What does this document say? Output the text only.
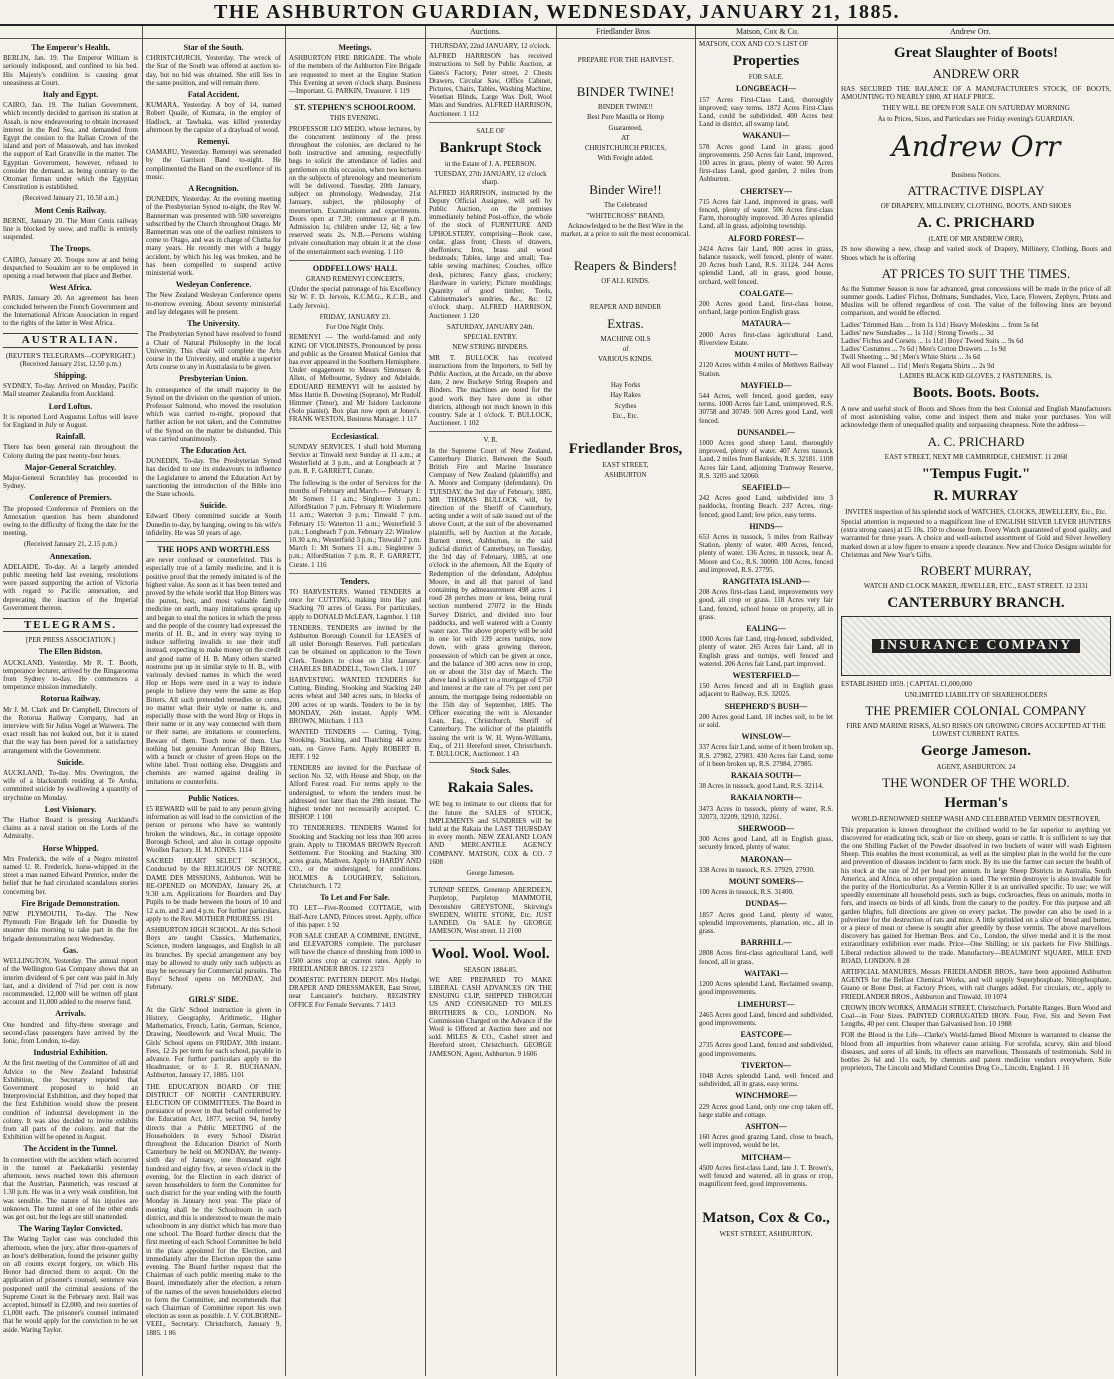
THE ASHBURTON GUARDIAN, WEDNESDAY, JANUARY 21, 1885.
Auctions.	Friedlander Bros	Matson, Cox & Co.	Andrew Orr.
The Emperor's Health.

BERLIN, Jan. 19. The Emperor William is seriously indisposed, and confined to his bed. His Majesty's condition is causing great uneasiness at Court.

Italy and Egypt.

CAIRO, Jan. 19. The Italian Government, which recently decided to garrison its station at Assab, is now endeavouring to obtain increased interest in the Red Sea, and demanded from Egypt the cession to the Italian Crown of the island and port of Massowah, and has invoked the support of Earl Granville in the matter. The Egyptian Government, however, refused to consider the demand, as being contrary to the Ottoman firman under which the Egyptian Constitution is established.

(Received January 21, 10.50 a.m.)
Mont Cenis Railway.

BERNE, January 20. The Mont Cenis railway line is blocked by snow, and traffic is entirely suspended.

The Troops.

CAIRO, January 20. Troops now at and being despatched to Souakim are to be employed in opening a road between that place and Berber.

West Africa.

PARIS, January 20. An agreement has been concluded between the French Government and the International African Association in regard to the rights of the latter in West Africa.

AUSTRALIAN.
(REUTER'S TELEGRAMS—COPYRIGHT.) (Received January 21st, 12.50 p.m.)
Shipping.

SYDNEY, To-day. Arrived on Monday, Pacific Mail steamer Zealandia from Auckland.

Lord Loftus.

It is reported Lord Augustus Loftus will leave for England in July or August.

Rainfall.

There has been general rain throughout the Colony during the past twenty-four hours.

Major-General Scratchley.

Major-General Scratchley has proceeded to Sydney.

Conference of Premiers.

The proposed Conference of Premiers on the Annexation question has been abandoned owing to the difficulty of fixing the date for the meeting.

(Received January 21, 2.15 p.m.)
Annexation.

ADELAIDE, To-day. At a largely attended public meeting held last evening, resolutions were passed supporting the action of Victoria with regard to Pacific annexation, and deprecating the inaction of the Imperial Government thereon.

TELEGRAMS.
[PER PRESS ASSOCIATION.]
The Ellen Bidston.

AUCKLAND, Yesterday. Mr R. T. Booth, temperance lecturer, arrived by the Ringarooma from Sydney to-day. He commences a temperance mission immediately.

Rotorua Railway.

Mr J. M. Clark and Dr Campbell, Directors of the Rotorua Railway Company, had an interview with Sir Julius Vogel at Waiwera. The exact result has not leaked out, but it is stated that the way has been paved for a satisfactory arrangement with the Government.

Suicide.

AUCKLAND, To-day. Mrs Overington, the wife of a blacksmith residing at Te Aroha, committed suicide by swallowing a quantity of strychnine on Monday.

Lost Visionary.

The Harbor Board is pressing Auckland's claims as a naval station on the Lords of the Admiralty.

Horse Whipped.

Mrs Frederick, the wife of a Negro minstrel named U. R. Frederick, horse-whipped in the street a man named Edward Prentice, under the belief that he had circulated scandalous stories concerning her.

Fire Brigade Demonstration.

NEW PLYMOUTH, To-day. The New Plymouth Fire Brigade left for Dunedin by steamer this morning to take part in the fire brigade demonstration next Wednesday.

Gas.

WELLINGTON, Yesterday. The annual report of the Wellington Gas Company shows that an interim dividend of 6 per cent was paid in July last, and a dividend of 7½d per cent is now recommended. 12,000 will be written off plant account and 11,000 added to the reserve fund.

Arrivals.

One hundred and fifty-three steerage and second-class passengers have arrived by the Ionic, from London, to-day.

Industrial Exhibition.

At the first meeting of the Committee of all and Advice to the New Zealand Industrial Exhibition, the Secretary reported that Government proposed to hold an Interprovincial Exhibition, and they hoped that the first Exhibition would show the present condition of industrial development in the colony. It was also decided to invite exhibits from all parts of the colony, and that the Exhibition will be opened in August.

The Accident in the Tunnel.

In connection with the accident which occurred in the tunnel at Paekakariki yesterday afternoon, news reached town this afternoon that the Austrian, Panmetich, was rescued at 1.30 p.m. He was in a very weak condition, but was sensible. The nature of his injuries are unknown. The tunnel at one of the other ends was got out, but the legs are still unattended.

The Waring Taylor Convicted.

The Waring Taylor case was concluded this afternoon, when the jury, after three-quarters of an hour's deliberation, found the prisoner guilty on all counts except forgery, on which His Honor had directed them to acquit. On the application of prisoner's counsel, sentence was postponed until the criminal sessions of the Supreme Court in the February next. Bail was accepted, himself in £2,000, and two sureties of £1,000 each. The prisoner's counsel intimated that he would apply for the conviction to be set aside. Waring Taylor.

Star of the South.

CHRISTCHURCH, Yesterday. The wreck of the Star of the South was offered at auction to-day, but no bid was obtained. She still lies in the same position, and will remain there.

Fatal Accident.

KUMARA, Yesterday. A boy of 14, named Robert Quaile, of Kumara, in the employ of Hadlock, at Tawhaka, was killed yesterday afternoon by the capsize of a drayload of wood.

Remenyi.

OAMARU, Yesterday. Remenyi was serenaded by the Garrison Band to-night. He complimented the Band on the excellence of its music.

A Recognition.

DUNEDIN, Yesterday. At the evening meeting of the Presbyterian Synod to-night, the Rev W. Bannerman was presented with 500 sovereigns subscribed by the Church throughout Otago. Mr Bannerman was one of the earliest ministers to come to Otago, and was in charge of Clutha for many years. He recently met with a buggy accident, by which his leg was broken, and he has been compelled to suspend active ministerial work.

Wesleyan Conference.

The New Zealand Wesleyan Conference opens to-morrow evening. About seventy ministerial and lay delegates will be present.

The University.

The Presbyterian Synod have resolved to found a Chair of Natural Philosophy in the local University. This chair will complete the Arts course in the University, and enable a superior Arts course to any in Australasia to be given.

Presbyterian Union.

In consequence of the small majority in the Synod on the division on the question of union, Professor Salmond, who moved the resolution which was carried to-night, proposed that further action be not taken, and the Committee of the Synod on the matter be disbanded. This was carried unanimously.

The Education Act.

DUNEDIN, To-day. The Presbyterian Synod has decided to use its endeavours to influence the Legislature to amend the Education Act by sanctioning the introduction of the Bible into the State schools.

Suicide.

Edward Obery committed suicide at South Dunedin to-day, by hanging, owing to his wife's infidelity. He was 50 years of age.

THE HOPS AND WORTHLESS

are never confused or counterfeited. This is especially true of a family medicine, and it is positive proof that the remedy imitated is of the highest value. As soon as it has been tested and proved by the whole world that Hop Bitters was the purest, best, and most valuable family medicine on earth, many imitations sprang up and began to steal the notices in which the press and the people of the country had expressed the merits of H. B., and in every way trying to induce suffering invalids to use their stuff instead, expecting to make money on the credit and good name of H. B. Many others started nostrums put up in similar style to H. B., with variously devised names in which the word Hop or Hops were used in a way to induce people to believe they were the same as Hop Bitters. All such pretended remedies or cures, no matter what their style or name is, and especially those with the word Hop or Hops in their name or in any way connected with them or their name, are imitations or counterfeits. Beware of them. Touch none of them. Use nothing but genuine American Hop Bitters, with a bunch or cluster of green Hops on the white label. Trust nothing else. Druggists and chemists are warned against dealing in imitations or counterfeits.

Public Notices.

£5 REWARD will be paid to any person giving information as will lead to the conviction of the person or persons who have so wantonly broken the windows, &c., in cottage opposite Borough School, and also in cottage opposite Woollen Factory. H. M. JONES. 1114

SACRED HEART SELECT SCHOOL, Conducted by the RELIGIOUS OF NOTRE DAME DES MISSIONS, Ashburton. Will be RE-OPENED on MONDAY, January 26, at 9.30 a.m. Applications for Boarders and Day Pupils to be made between the hours of 10 and 12 a.m. and 2 and 4 p.m. For further particulars, apply to the Rev. MOTHER PRIORESS. 191

ASHBURTON HIGH SCHOOL. At this School Boys are taught Classics, Mathematics, Science, modern languages, and English in all its branches. By special arrangement any boy may be allowed to study only such subjects as may be necessary for Commercial pursuits. The Boys' School opens on MONDAY, 2nd February.

GIRLS' SIDE.

At the Girls' School instruction is given in History, Geography, Arithmetic, Higher Mathematics, French, Latin, German, Science, Drawing, Needlework and Vocal Music. The Girls' School opens on FRIDAY, 30th instant. Fees, 12 2s per term for each school, payable in advance. For further particulars apply to the Headmaster, or to J. R. BUCHANAN, Ashburton, January 17, 1885. 1101

THE EDUCATION BOARD OF THE DISTRICT OF NORTH CANTERBURY. ELECTION OF COMMITTEES. The Board in pursuance of power in that behalf conferred by the Education Act, 1877, section 94, hereby directs that a Public MEETING of the Householders in every School District throughout the Education District of North Canterbury be held on MONDAY, the twenty-sixth day of January, one thousand eight hundred and eighty five, at seven o'clock in the evening, for the Election in each district of seven householders to form the Committee for such district for the year ending with the fourth Monday in January next year. The place of meeting shall be the Schoolroom in each district, and this is understood to mean the main schoolroom in any district which has more than one school. The Board further directs that the first meeting of each School Committee be held in the place appointed for the Election, and immediately after the Election upon the same evening. The Board further request that the Chairman of each public meeting make to the Board, immediately after the election, a return of the names of the seven householders elected to form the Committee, and recommends that each Chairman of Committee report his own election as soon as possible. J. V. COLBORNE-VEEL, Secretary. Christchurch, January 9, 1885. 1 86

Meetings.

ASHBURTON FIRE BRIGADE. The whole of the members of the Ashburton Fire Brigade are requested to meet at the Engine Station This Evening at seven o'clock sharp. Business—Important. G. PARKIN, Treasurer. 1 119

ST. STEPHEN'S SCHOOLROOM.
THIS EVENING.

PROFESSOR LIO MEDO, whose lectures, by the concurrent testimony of the press throughout the colonies, are declared to be both instructive and amusing, respectfully begs to solicit the attendance of ladies and gentlemen on this occasion, when two lectures on the subjects of phrenology and mesmerism will be delivered. Tuesday, 20th January, subject on phrenology. Wednesday, 21st January, subject, the philosophy of mesmerism. Examinations and experiments. Doors open at 7.30; commence at 8 p.m. Admission 1s; children under 12, 6d; a few reserved seats 2s. N.B.—Persons wishing private consultation may obtain it at the close of the entertainment each evening. 1 110

ODDFELLOWS' HALL
GRAND REMENYI CONCERTS,

(Under the special patronage of his Excellency Sir W. F. D. Jervois, K.C.M.G., K.C.B., and Lady Jervois).

FRIDAY, JANUARY 23.
For One Night Only.

REMENYI — The world-famed and only KING OF VIOLINISTS, Pronounced by press and public as the Greatest Musical Genius that has ever appeared in the Southern Hemisphere. Under engagement to Messrs Simonsen & Allen, of Melbourne, Sydney and Adelaide. EDOUARD REMENYI will be assisted by Miss Hattie B. Downing (Soprano), Mr Rudolf Himmer (Tenor), and Mr Isidore Luckstone (Solo pianist). Box plan now open at Jones's. FRANK WESTON, Business Manager. 1 117

Ecclesiastical.

SUNDAY SERVICES. I shall hold Morning Service at Tinwald next Sunday at 11 a.m.; at Westerfield at 3 p.m., and at Longbeach at 7 p.m. R. F. GARRETT, Curate.

The following is the order of Services for the months of February and March:— February 1: Mt Somers 11 a.m.; Singletree 3 p.m.; AlfordStation 7 p.m. February 8: Windermere 11 a.m.; Waterton 3 p.m.; Tinwald 7 p.m. February 15: Waterton 11 a.m.; Westerfield 3 p.m.; Longbeach 7 p.m. February 22: Winslow 10.30 a.m.; Westerfield 3 p.m.; Tinwald 7 p.m. March 1: Mt Somers 11 a.m.; Singletree 3 p.m.; AlfordStation 7 p.m. R. F. GARRETT, Curate. 1 116

Tenders.

TO HARVESTERS. Wanted TENDERS at once for CUTTING, making into Hay and Stacking 70 acres of Grass. For particulars, apply to DONALD McLEAN, Lagmhor. 1 118

TENDERS. TENDERS are invited by the Ashburton Borough Council for LEASES of all unlet Borough Reserves. Full particulars can be obtained on application to the Town Clerk. Tenders to close on 31st January. CHARLES BRADDELL, Town Clerk. 1 107

HARVESTING. WANTED TENDERS for Cutting, Binding, Stooking and Stacking 240 acres wheat and 340 acres oats, in blocks of 200 acres or up wards. Tenders to be in by MONDAY, 26th instant. Apply WM. BROWN, Mitcham. 1 113

WANTED TENDERS — Cutting, Tying, Stooking, Stacking, and Thatching 44 acres oats, on Grove Farm. Apply ROBERT B. JEFF. 1 92

TENDERS are invited for the Purchase of section No. 32, with House and Shop, on the Alford Forest road. For terms apply to the undersigned, to whom the tenders must be addressed not later than the 29th instant. The highest tender not necessarily accepted. C. BISHOP. 1 100

TO TENDERERS. TENDERS Wanted for Stooking and Stacking not less than 300 acres grain. Apply to THOMAS BROWN Ryecroft Settlement. For Stooking and Stacking 300 acres grain, Mathven. Apply to HARDY AND CO., or the undersigned, for conditions. HOLMES & LOUGHREY, Solicitors, Christchurch. 1 72

To Let and For Sale.

TO LET—Five-Roomed COTTAGE, with Half-Acre LAND, Princes street. Apply, office of this paper. 1 92

FOR SALE CHEAP. A COMBINE, ENGINE, and ELEVATORS complete. The purchaser will have the chance of threshing from 1000 to 1500 acres crop at current rates. Apply to FRIEDLANDER BROS. 12 2373

DOMESTIC PATTERN DEPOT. Mrs Hodge, DRAPER AND DRESSMAKER, East Street, near Lancaster's butchery. REGISTRY OFFICE For Female Servants. 7 1413

THURSDAY, 22nd JANUARY, 12 o'clock.

ALFRED HARRISON has received instructions to Sell by Public Auction, at Gates's Factory, Peter street, 2 Chests Drawers, Circular Saw, Office Cabinet, Pictures, Chairs, Tables, Washing Machine, Venetian Blinds, Large Wax Doll, Wool Mats and Sundries. ALFRED HARRISON, Auctioneer. 1 112

SALE OF
Bankrupt Stock
in the Estate of J. A. PEERSON.
TUESDAY, 27th JANUARY, 12 o'clock sharp.

ALFRED HARRISON, instructed by the Deputy Official Assignee, will sell by Public Auction, on the premises immediately behind Post-office, the whole of the stock of FURNITURE AND UPHOLSTERY, comprising—Book case, cedar, glass front; Chests of drawers, sheffoniers; Iron, brass and wood bedsteads; Tables, large and small; Tea-table sewing machines; Couches, office desk, pictures; Fancy glass, crockery; Hardware in variety; Picture mouldings; Quantity of good timber; Tools, Cabinetmaker's sundries, &c., &c. 12 o'clock sharp. ALFRED HARRISON, Auctioneer. 1 120

SATURDAY, JANUARY 24th.
SPECIAL ENTRY.
NEW STRING BINDERS.

MR T. BULLOCK has received instructions from the Importers, to Sell by Public Auction, at the Arcade, on the above date, 2 new Buckeye String Reapers and Binders. The machines are noted for the good work they have done in other districts, although not much known in this country. Sale at 1 o'clock. T. BULLOCK, Auctioneer. 1 102

V. R.

In the Supreme Court of New Zealand, Canterbury District. Between the South British Fire and Marine Insurance Company of New Zealand (plaintiffs) and A. Moore and Company (defendants). On TUESDAY, the 3rd day of February, 1885, MR THOMAS BULLOCK will, by direction of the Sheriff of Canterbury, acting under a writ of sale issued out of the above Court, at the suit of the abovenamed plaintiffs, sell by Auction at the Arcade, Burnett street, Ashburton, in the said judicial district of Canterbury, on Tuesday, the 3rd day of February, 1885, at one o'clock in the afternoon, All the Equity of Redemption of the defendant, Adolphus Moore, in and all that parcel of land containing by admeasurement 498 acres 1 rood 28 perches more or less, being rural section numbered 27072 in the Hinds Survey District, and divided into four paddocks, and well watered with a County water race. The above property will be sold in one lot with 139 acres turnips, now down, with grass growing thereon, possession of which can be given at once, and the balance of 300 acres now in crop, on or about the 31st day of March. The above land is subject to a mortgage of £750 and interest at the rate of 7½ per cent per annum, the mortgage being redeemable on the 15th day of September, 1885. The Officer executing the writ is Alexander Lean, Esq., Christchurch, Sheriff of Canterbury. The solicitor of the plaintiffs issuing the writ is W. H. Wynn-Williams, Esq., of 211 Hereford street, Christchurch. T. BULLOCK, Auctioneer. 1 43

Stock Sales.
Rakaia Sales.

WE beg to intimate to our clients that for the future the SALES of STOCK, IMPLEMENTS and SUNDRIES will be held at the Rakaia the LAST THURSDAY in every month. NEW ZEALAND LOAN AND MERCANTILE AGENCY COMPANY. MATSON, COX & CO. 7 1608

George Jameson.

TURNIP SEEDS. Greentop ABERDEEN, Purpletop, Purpletop MAMMOTH, Devonshire GREYSTONE, Skirving's SWEDEN, WHITE STONE, Etc. JUST LANDED. On SALE by GEORGE JAMESON, West street. 11 2100

Wool. Wool. Wool.
SEASON 1884-85.

WE ARE PREPARED TO MAKE LIBERAL CASH ADVANCES ON THE ENSUING CLIP, SHIPPED THROUGH US AND CONSIGNED TO MILES BROTHERS & CO., LONDON. No Commission Charged on the Advance if the Wool is Offered at Auction here and not sold. MILES & CO., Cashel street and Hereford street, Christchurch. GEORGE JAMESON, Agent, Ashburton. 9 1606

PREPARE FOR THE HARVEST.
BINDER TWINE!
BINDER TWINE!!
Best Pure Manilla or Hemp
Guaranteed,
AT
CHRISTCHURCH PRICES,
With Freight added.
Binder Wire!!
The Celebrated
"WHITECROSS" BRAND,
Acknowledged to be the Best Wire in the market, at a price to suit the most economical.
Reapers & Binders!
OF ALL KINDS.
REAPER AND BINDER
Extras.
MACHINE OILS
of
VARIOUS KINDS.
Hay Forks
Hay Rakes
Scythes
Etc., Etc.
Friedlander Bros,
EAST STREET,
ASHBURTON

MATSON, COX AND CO.'S LIST OF

Properties
FOR SALE.
LONGBEACH—

157 Acres First-Class Land, thoroughly improved; easy terms. 1872 Acres First-Class Land, could be subdivided. 400 Acres best Land in district, all swamp land.

WAKANUI—

578 Acres good Land in grass; good improvements. 250 Acres fair Land, improved, 100 acres in grass, plenty of water. 90 Acres first-class Land, good garden, 2 miles from Ashburton.

CHERTSEY—

715 Acres fair Land, improved in grass, well fenced, plenty of water. 506 Acres first-class Farm, thoroughly improved. 30 Acres splendid Land, all in grass, adjoining township.

ALFORD FOREST—

2424 Acres fair Land, 800 acres in grass, balance tussock, well fenced, plenty of water. 20 Acres bush Land, R.S. 31124. 244 Acres splendid Land, all in grass, good house, orchard, well fenced.

COALGATE—

200 Acres good Land, first-class house, orchard, large portion English grass.

MATAURA—

2000 Acres first-class agricultural Land, Riverview Estate.

MOUNT HUTT—

2120 Acres within 4 miles of Methven Railway Station.

MAYFIELD—

544 Acres, well fenced, good garden, easy terms. 1000 Acres fair Land, unimproved, R.S. 30758 and 30749. 500 Acres good Land, well fenced.

DUNSANDEL—

1000 Acres good sheep Land, thoroughly improved, plenty of water. 407 Acres tussock Land, 2 miles from Bankside, R.S. 32181. 1108 Acres fair Land, adjoining Tramway Reserve, R.S. 3205 and 32060.

SEAFIELD—

242 Acres good Land, subdivided into 3 paddocks, fronting Beach. 237 Acres, ring-fenced, good Land; low price, easy terms.

HINDS—

653 Acres in tussock, 5 miles from Railway Station, plenty of water. 400 Acres, fenced, plenty of water. 136 Acres, in tussock, near A. Moore and Co., R.S. 30000. 100 Acres, fenced and improved, R.S. 27795.

RANGITATA ISLAND—

208 Acres first-class Land, improvements very good, all crop or grass. 118 Acres very fair Land, fenced, school house on property, all in grass.

EALING—

1000 Acres fair Land, ring-fenced, subdivided, plenty of water. 265 Acres fair Land, all in English grass and turnips, well fenced and watered. 206 Acres fair Land, part improved.

WESTERFIELD—

150 Acres fenced and all in English grass adjacent to Railway, R.S. 32025.

SHEPHERD'S BUSH—

200 Acres good Land, 18 inches soil, to be let or sold.

WINSLOW—

337 Acres fair Land, some of it been broken up, R.S. 27982, 27983. 430 Acres fair Land, some of it been broken up, R.S. 27984, 27985.

RAKAIA SOUTH—

38 Acres in tussock, good Land, R.S. 32114.

RAKAIA NORTH—

3473 Acres in tussock, plenty of water, R.S. 32073, 32209, 32910, 32261.

SHERWOOD—

300 Acres good Land, all in English grass, securely fenced, plenty of water.

MARONAN—

338 Acres in tussock, R.S. 27929, 27930.

MOUNT SOMERS—

100 Acres in tussock, R.S. 31400.

DUNDAS—

1857 Acres good Land, plenty of water, splendid improvements, plantation, etc., all in grass.

BARRHILL—

2808 Acres first-class agricultural Land, well fenced, all in grass.

WAITAKI—

1200 Acres splendid Land, Reclaimed swamp, good improvements.

LIMEHURST—

2465 Acres good Land, fenced and subdivided, good improvements.

EASTCOPE—

2735 Acres good Land, fenced and subdivided, good improvements.

TIVERTON—

1048 Acres splendid Land, well fenced and subdivided, all in grass, easy terms.

WINCHMORE—

229 Acres good Land, only one crop taken off, large stable and cottage.

ASHTON—

160 Acres good grazing Land, close to beach, well improved, would be let.

MITCHAM—

4500 Acres first-class Land, late J. T. Brown's, well fenced and watered, all in grass or crop, magnificent feed, good improvements.

Matson, Cox & Co.,
WEST STREET, ASHBURTON.
Great Slaughter of Boots!
ANDREW ORR

HAS SECURED THE BALANCE OF A MANUFACTURER'S STOCK, OF BOOTS, AMOUNTING TO NEARLY £800, AT HALF PRICE.

THEY WILL BE OPEN FOR SALE ON SATURDAY MORNING
As to Prices, Sizes, and Particulars see Friday evening's GUARDIAN.
Andrew Orr
Business Notices.
ATTRACTIVE DISPLAY
OF DRAPERY, MILLINERY, CLOTHING, BOOTS, AND SHOES
A. C. PRICHARD
(LATE OF MR ANDREW ORR),

IS now showing a new, cheap and varied stock of Drapery, Millinery, Clothing, Boots and Shoes which he is offering

AT PRICES TO SUIT THE TIMES.

As the Summer Season is now far advanced, great concessions will be made in the price of all summer goods. Ladies' Fichus, Dolmans, Sunshades, Vice, Lace, Flowers, Zephyrs, Prints and Muslins will be offered regardless of cost. The value of the following lines are beyond comparison, and would be effected.

Ladies' Trimmed Hats ... from 1s 11d | Heavy Moleskins ... from 5s 6d
Ladies' new Sunshades ... 1s 11d | Strong Towels ... 3d
Ladies' Fichus and Corsets ... 1s 11d | Boys' Tweed Suits ... 9s 6d
Ladies' Costumes ... 7s 6d | Men's Cotton Drawers ... 1s 9d
Twill Sheeting ... 9d | Men's White Shirts ... 3s 6d
All wool Flannel ... 11d | Men's Regatta Shirts ... 2s 9d
LADIES BLACK KID GLOVES, 2 FASTENERS, 1s.
Boots. Boots. Boots.

A new and useful stock of Boots and Shoes from the best Colonial and English Manufacturers of most astonishing value, come and inspect them and make your purchases. You will acknowledge them of unequalled quality and surpassing cheapness. Note the address—

A. C. PRICHARD
EAST STREET, NEXT MR CAMBRIDGE, CHEMIST. 11 2068
"Tempus Fugit."
R. MURRAY
INVITES inspection of his splendid stock of WATCHES, CLOCKS, JEWELLERY, Etc., Etc.

Special attention is requested to a magnificent line of ENGLISH SILVER LEVER HUNTERS (extra strong cases) at £5 10s. 150 to choose from. Every Watch guaranteed of good quality, and warranted for three years. A choice and well-selected assortment of Gold and Silver Jewellery marked down at a low figure to ensure a speedy clearance. New and Choice Designs suitable for Christmas and New Year's Gifts.

ROBERT MURRAY,
WATCH AND CLOCK MAKER, JEWELLER, ETC., EAST STREET. 12 2331
CANTERBURY BRANCH.
INSURANCE COMPANY
ESTABLISHED 1859. | CAPITAL £1,000,000
UNLIMITED LIABILITY OF SHAREHOLDERS
THE PREMIER COLONIAL COMPANY
FIRE AND MARINE RISKS, ALSO RISKS ON GROWING CROPS ACCEPTED AT THE LOWEST CURRENT RATES.
George Jameson.
AGENT, ASHBURTON. 24
THE WONDER OF THE WORLD.
Herman's
WORLD-RENOWNED SHEEP WASH AND CELEBRATED VERMIN DESTROYER.

This preparation is known throughout the civilised world to be far superior to anything yet discovered for eradicating tick, scab or lice on sheep, goats or cattle. It is sufficient to say that the one Shilling Packet of the Powder dissolved in two buckets of water will wash Eighteen Sheep. This enables the most economical, as well as the simplest plan in the world for the cure and prevention of diseases incident to farm stock. By its use the farmer can secure the health of his stock at the rate of 2d per head per annum. In large Sheep Districts in Australia, South America, and Africa, no other preparation is used. The vermin destroyer is also invaluable for the purity of the Horticulturist. As a Vermin Killer it is an unrivalled specific. To use: we will speedily exterminate all household pests, such as bugs, cockroaches, fleas on animals, moths in furs, and insects on birds of all kinds, from the canary to the poultry. For this purpose and all garden blights, full directions are given on every packet. The powder can also be used in a pulverizer for the destruction of rats and mice. A little sprinkled on a slice of bread and butter, or a piece of meat or cheese is sought after greedily by those vermin. The above marvellous discovery has gained for Herman Bros. and Co., London, the silver medal and it is the most extraordinary exhibition ever made. Price—One Shilling; or six packets for Five Shillings. Liberal reduction allowed to the trade. Manufactory—BEAUMONT SQUARE, MILE END ROAD, LONDON. 8 28

ARTIFICIAL MANURES. Messrs FRIEDLANDER BROS., have been appointed Ashburton AGENTS for the Belfast Chemical Works, and will supply Superphosphate, Nitrophosphate, Guano or Bone Dust, at Factory Prices, with rail charges added. For circulars, etc., apply to FRIEDLANDER BROS., Ashburton and Tinwald. 10 1074

CROWN IRON WORKS, ARMAGH STREET, Christchurch. Portable Ranges. Burn Wood and Coal—in Four Sizes. PAINTED CORRUGATED IRON. Four, Five, Six and Seven Feet Lengths, 40 per cent. Cheaper than Galvanised Iron. 10 1988

FOR the Blood is the Life—Clarke's World-famed Blood Mixture is warranted to cleanse the blood from all impurities from whatever cause arising. For scrofula, scurvy, skin and blood diseases, and sores of all kinds, its effects are marvellous. Thousands of testimonials. Sold in bottles 2s 6d and 11s each, by chemists and patent medicine vendors everywhere. Sole proprietors, The Lincoln and Midland Counties Drug Co., Lincoln, England. 1 16
